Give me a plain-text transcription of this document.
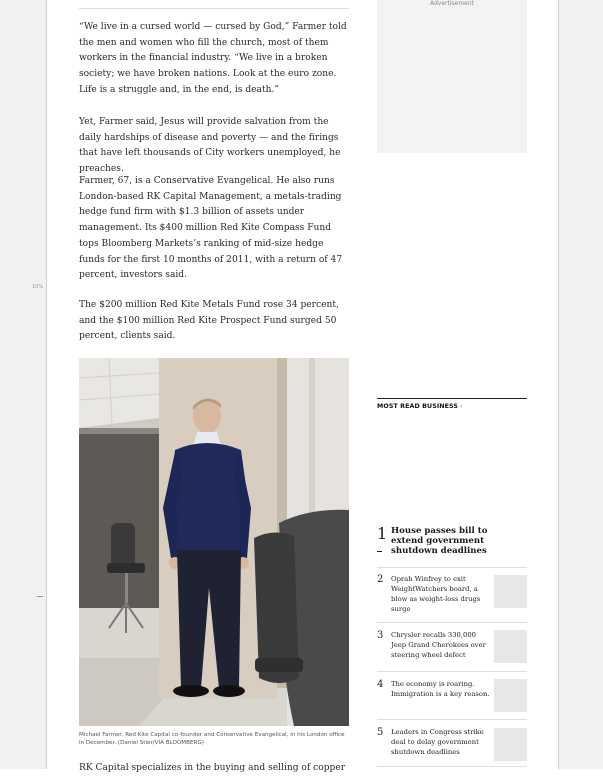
10%

“We live in a cursed world — cursed by God,” Farmer told the men and women who fill the church, most of them workers in the financial industry. “We live in a broken society; we have broken nations. Look at the euro zone. Life is a struggle and, in the end, is death.”

Yet, Farmer said, Jesus will provide salvation from the daily hardships of disease and poverty — and the firings that have left thousands of City workers unemployed, he preaches.

Farmer, 67, is a Conservative Evangelical. He also runs London-based RK Capital Management, a metals-trading hedge fund firm with $1.3 billion of assets under management. Its $400 million Red Kite Compass Fund tops Bloomberg Markets’s ranking of mid-size hedge funds for the first 10 months of 2011, with a return of 47 percent, investors said.

The $200 million Red Kite Metals Fund rose 34 percent, and the $100 million Red Kite Prospect Fund surged 50 percent, clients said.

Michael Farmer, Red Kite Capital co-founder and Conservative Evangelical, in his London office in December. (Daniel Stier/VIA BLOOMBERG)

RK Capital specializes in the buying and selling of copper

Advertisement
MOST READ BUSINESS ›
1 House passes bill to extend government shutdown deadlines

2 Oprah Winfrey to exit WeightWatchers board, a blow as weight-loss drugs surge

3 Chrysler recalls 330,000 Jeep Grand Cherokees over steering wheel defect

4 The economy is roaring. Immigration is a key reason.

5 Leaders in Congress strike deal to delay government shutdown deadlines
